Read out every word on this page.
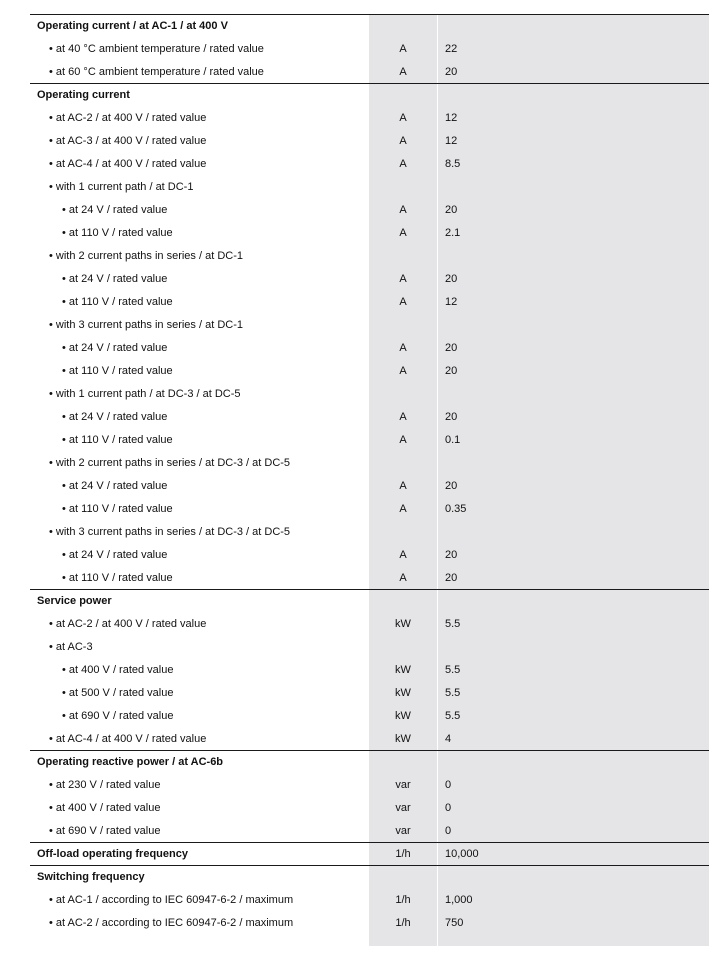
Operating current / at AC-1 / at 400 V
• at 40 °C ambient temperature / rated value	A	22
• at 60 °C ambient temperature / rated value	A	20
Operating current
• at AC-2 / at 400 V / rated value	A	12
• at AC-3 / at 400 V / rated value	A	12
• at AC-4 / at 400 V / rated value	A	8.5
• with 1 current path / at DC-1
• at 24 V / rated value	A	20
• at 110 V / rated value	A	2.1
• with 2 current paths in series / at DC-1
• at 24 V / rated value	A	20
• at 110 V / rated value	A	12
• with 3 current paths in series / at DC-1
• at 24 V / rated value	A	20
• at 110 V / rated value	A	20
• with 1 current path / at DC-3 / at DC-5
• at 24 V / rated value	A	20
• at 110 V / rated value	A	0.1
• with 2 current paths in series / at DC-3 / at DC-5
• at 24 V / rated value	A	20
• at 110 V / rated value	A	0.35
• with 3 current paths in series / at DC-3 / at DC-5
• at 24 V / rated value	A	20
• at 110 V / rated value	A	20
Service power
• at AC-2 / at 400 V / rated value	kW	5.5
• at AC-3
• at 400 V / rated value	kW	5.5
• at 500 V / rated value	kW	5.5
• at 690 V / rated value	kW	5.5
• at AC-4 / at 400 V / rated value	kW	4
Operating reactive power / at AC-6b
• at 230 V / rated value	var	0
• at 400 V / rated value	var	0
• at 690 V / rated value	var	0
Off-load operating frequency	1/h	10,000
Switching frequency
• at AC-1 / according to IEC 60947-6-2 / maximum	1/h	1,000
• at AC-2 / according to IEC 60947-6-2 / maximum	1/h	750
